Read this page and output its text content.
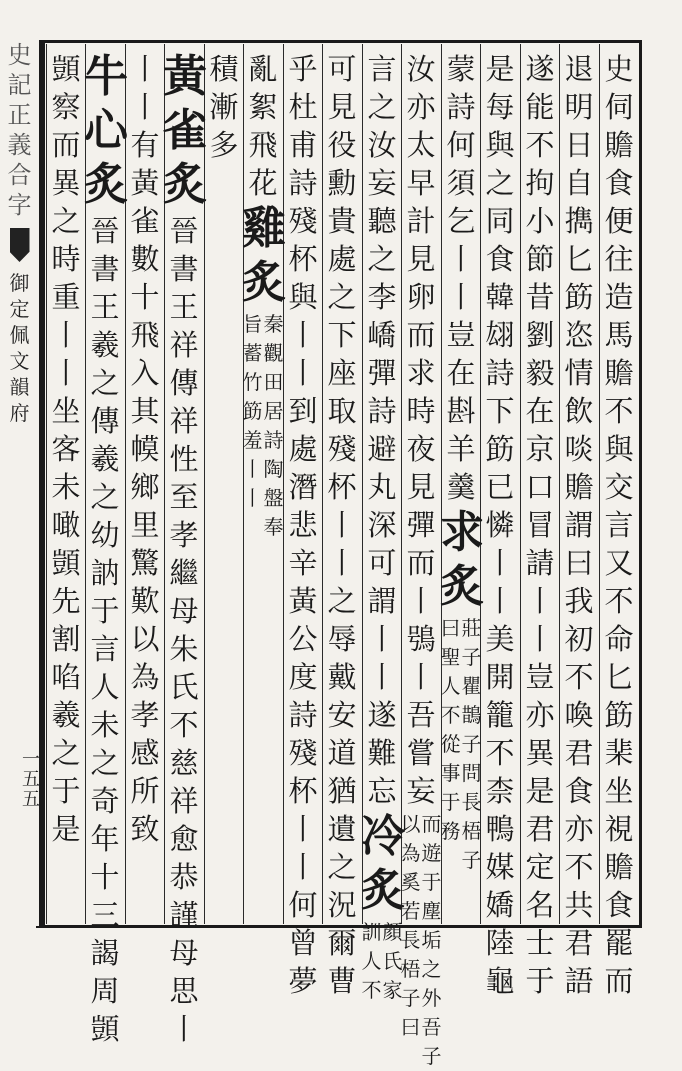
史
記
正
義
合
字
御
定
佩
文
韻
府
一
五
五
史
伺
贍
食
便
往
造
馬
贍
不
與
交
言
又
不
命
匕
筯
棐
坐
視
贍
食
罷
而
退
明
日
自
擕
匕
筯
恣
情
飲
啖
贍
謂
曰
我
初
不
喚
君
食
亦
不
共
君
語
遂
能
不
拘
小
節
昔
劉
毅
在
京
口
冒
請
丨
丨
豈
亦
異
是
君
定
名
士
于
是
每
與
之
同
食
韓
翃
詩
下
筯
已
憐
丨
丨
美
開
籠
不
柰
鴨
媒
嬌
陸
龜
蒙
詩
何
須
乞
丨
丨
豈
在
斟
羊
羹
求
炙
莊
子
瞿
鵲
子
問
長
梧
子
曰
聖
人
不
從
事
于
務
汝
亦
太
早
計
見
卵
而
求
時
夜
見
彈
而
丨
鴞
丨
吾
嘗
妄
而
遊
于
塵
垢
之
外
吾
子
以
為
奚
若
長
梧
子
曰
言
之
汝
妄
聽
之
李
嶠
彈
詩
避
丸
深
可
謂
丨
丨
遂
難
忘
冷
炙
顏
氏
家
訓
人
不
可
見
役
勳
貴
處
之
下
座
取
殘
杯
丨
丨
之
辱
戴
安
道
猶
遺
之
況
爾
曹
乎
杜
甫
詩
殘
杯
與
丨
丨
到
處
潛
悲
辛
黃
公
度
詩
殘
杯
丨
丨
何
曾
夢
亂
絮
飛
花
雞
炙
秦
觀
田
居
詩
陶
盤
奉
旨
蓄
竹
筯
羞
丨
丨
積
漸
多
黃
雀
炙
晉
書
王
祥
傳
祥
性
至
孝
繼
母
朱
氏
不
慈
祥
愈
恭
謹
母
思
丨
丨
丨
有
黃
雀
數
十
飛
入
其
幙
鄉
里
驚
歎
以
為
孝
感
所
致
牛
心
炙
晉
書
王
羲
之
傳
羲
之
幼
訥
于
言
人
未
之
奇
年
十
三
謁
周
顗
顗
察
而
異
之
時
重
丨
丨
坐
客
未
噉
顗
先
割
啗
羲
之
于
是
